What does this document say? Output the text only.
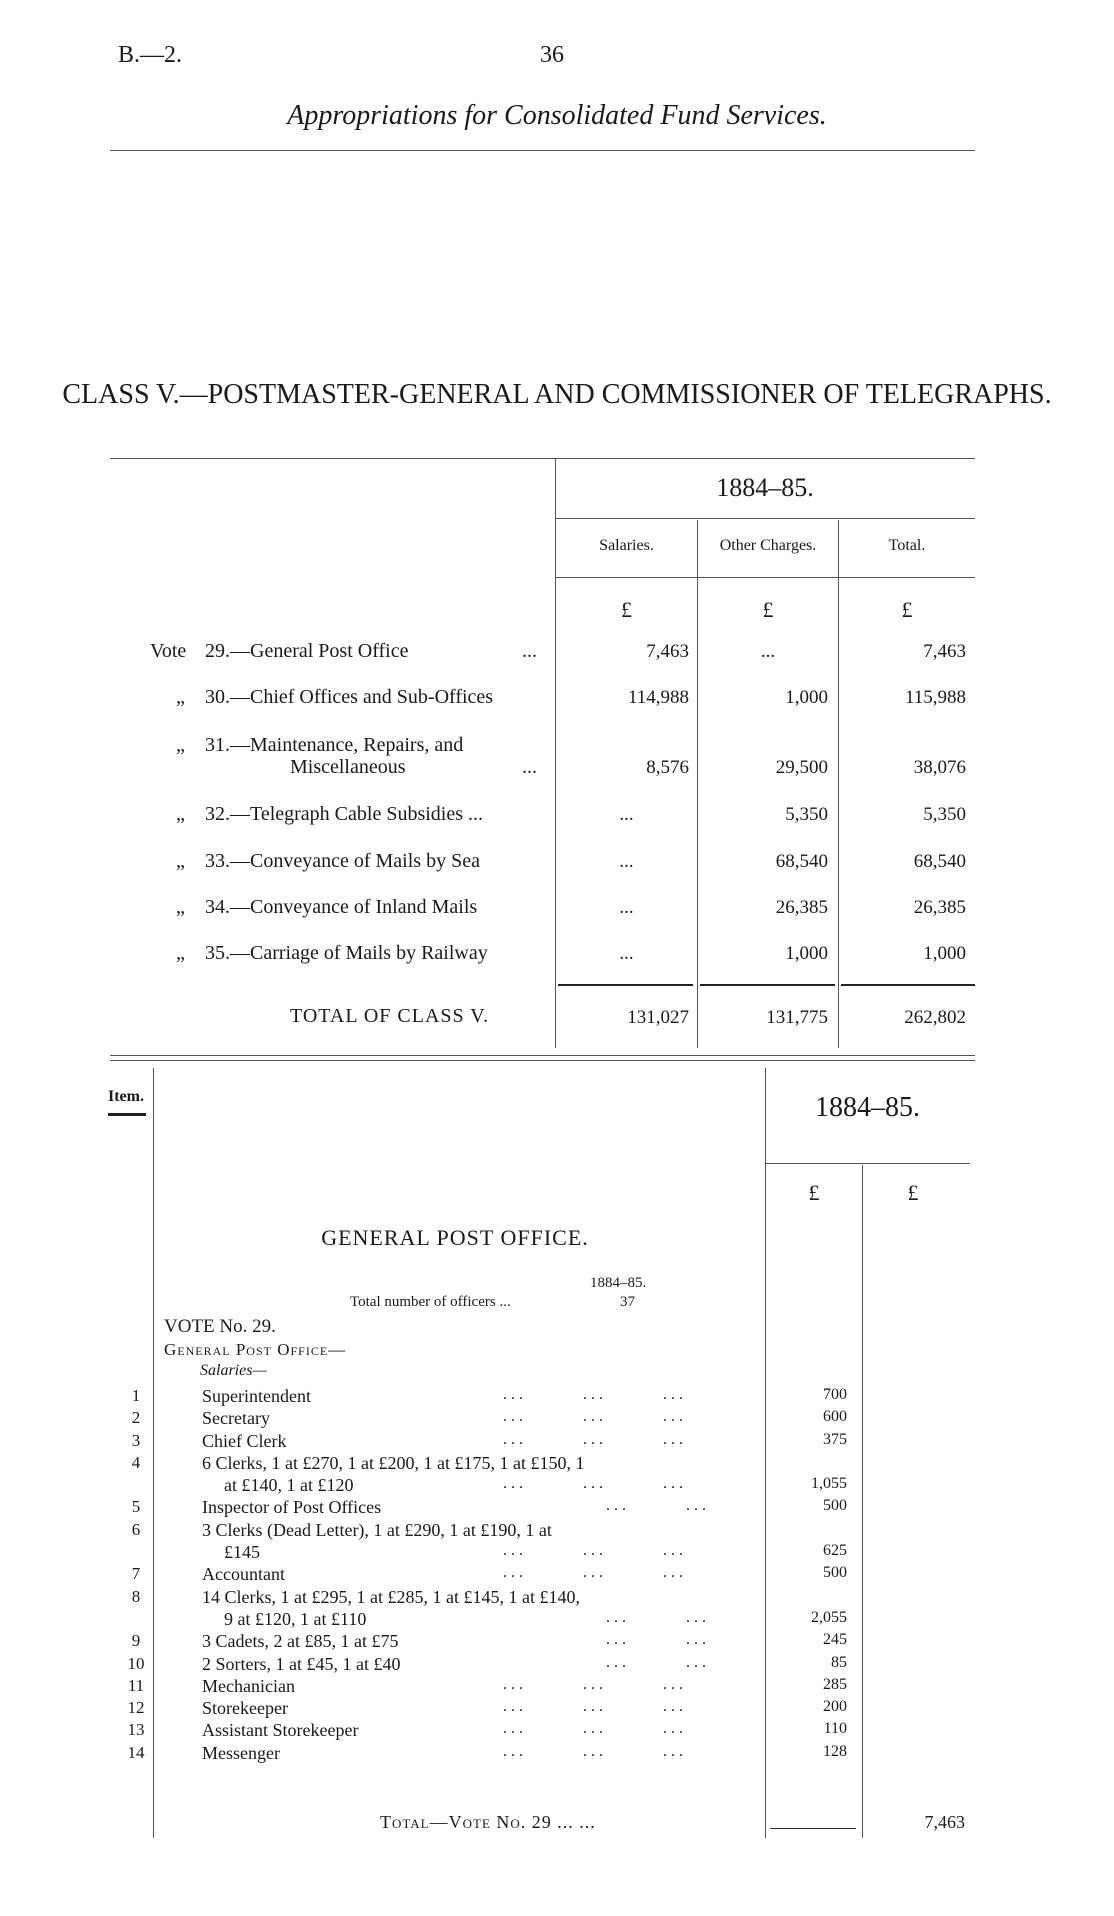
B.—2.	36
Appropriations for Consolidated Fund Services.
CLASS V.—POSTMASTER-GENERAL AND COMMISSIONER OF TELEGRAPHS.
1884–85.
Salaries.	Other Charges.	Total.
£	£	£
Vote 29.—General Post Office	...	7,463	...	7,463
„ 30.—Chief Offices and Sub-Offices	114,988	1,000	115,988
„ 31.—Maintenance, Repairs, and
Miscellaneous	...	8,576	29,500	38,076
„ 32.—Telegraph Cable Subsidies ...	...	5,350	5,350
„ 33.—Conveyance of Mails by Sea	...	68,540	68,540
„ 34.—Conveyance of Inland Mails	...	26,385	26,385
„ 35.—Carriage of Mails by Railway	...	1,000	1,000
TOTAL OF CLASS V.	131,027	131,775	262,802
Item.	1884–85.
£	£
GENERAL POST OFFICE.
1884–85.
Total number of officers ...	37
VOTE No. 29.
General Post Office—
Salaries—
1	Superintendent	...       ...       ...	700
2	Secretary	...       ...       ...	600
3	Chief Clerk	...       ...       ...	375
4	6 Clerks, 1 at £270, 1 at £200, 1 at £175, 1 at £150, 1
at £140, 1 at £120	...       ...       ...	1,055
5	Inspector of Post Offices	...       ...	500
6	3 Clerks (Dead Letter), 1 at £290, 1 at £190, 1 at
£145	...       ...       ...	625
7	Accountant	...       ...       ...	500
8	14 Clerks, 1 at £295, 1 at £285, 1 at £145, 1 at £140,
9 at £120, 1 at £110	...       ...	2,055
9	3 Cadets, 2 at £85, 1 at £75	...       ...	245
10	2 Sorters, 1 at £45, 1 at £40	...       ...	85
11	Mechanician	...       ...       ...	285
12	Storekeeper	...       ...       ...	200
13	Assistant Storekeeper	...       ...       ...	110
14	Messenger	...       ...       ...	128
Total—Vote No. 29 ... ...	7,463
